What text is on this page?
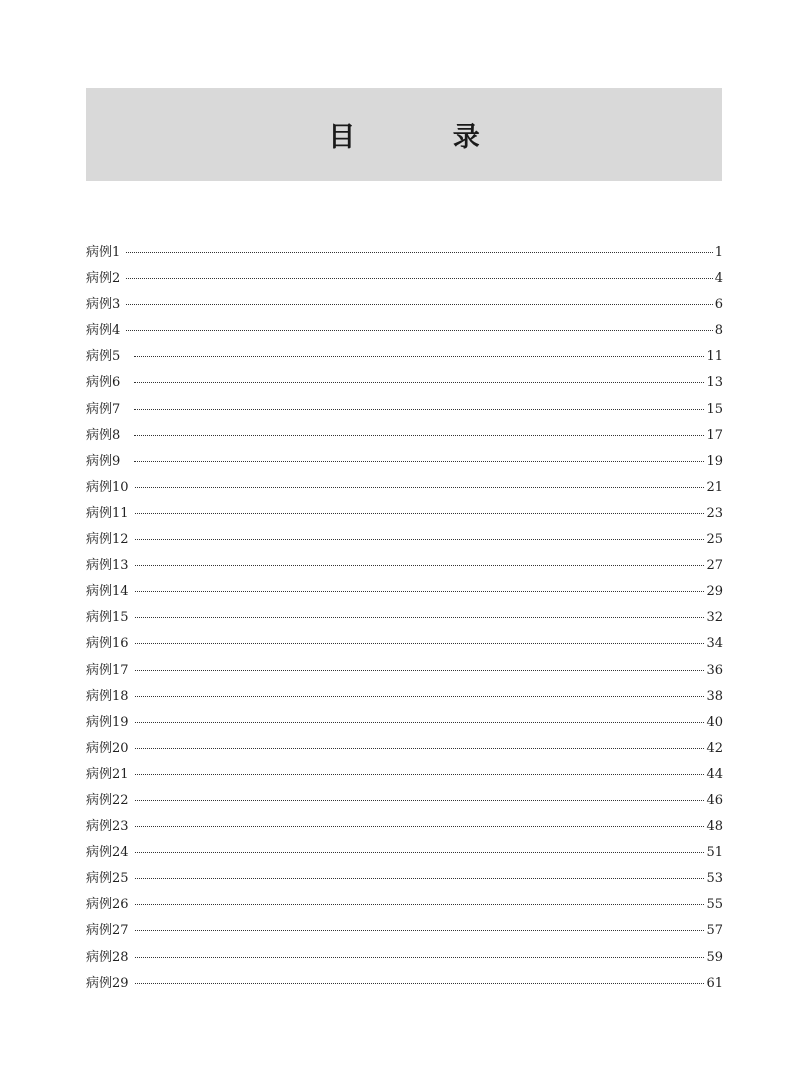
目 录
病例1	1
病例2	4
病例3	6
病例4	8
病例5	11
病例6	13
病例7	15
病例8	17
病例9	19
病例10	21
病例11	23
病例12	25
病例13	27
病例14	29
病例15	32
病例16	34
病例17	36
病例18	38
病例19	40
病例20	42
病例21	44
病例22	46
病例23	48
病例24	51
病例25	53
病例26	55
病例27	57
病例28	59
病例29	61
